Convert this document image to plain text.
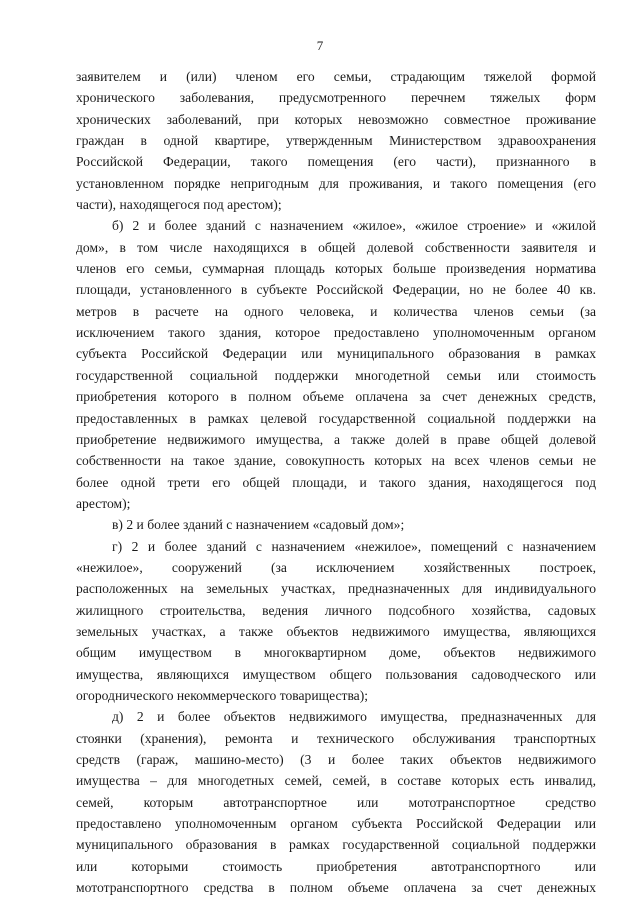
7
заявителем и (или) членом его семьи, страдающим тяжелой формой
хронического заболевания, предусмотренного перечнем тяжелых форм
хронических заболеваний, при которых невозможно совместное проживание
граждан в одной квартире, утвержденным Министерством здравоохранения
Российской Федерации, такого помещения (его части), признанного в
установленном порядке непригодным для проживания, и такого помещения (его
части), находящегося под арестом);
б) 2 и более зданий с назначением «жилое», «жилое строение» и «жилой
дом», в том числе находящихся в общей долевой собственности заявителя и
членов его семьи, суммарная площадь которых больше произведения норматива
площади, установленного в субъекте Российской Федерации, но не более 40 кв.
метров в расчете на одного человека, и количества членов семьи (за
исключением такого здания, которое предоставлено уполномоченным органом
субъекта Российской Федерации или муниципального образования в рамках
государственной социальной поддержки многодетной семьи или стоимость
приобретения которого в полном объеме оплачена за счет денежных средств,
предоставленных в рамках целевой государственной социальной поддержки на
приобретение недвижимого имущества, а также долей в праве общей долевой
собственности на такое здание, совокупность которых на всех членов семьи не
более одной трети его общей площади, и такого здания, находящегося под
арестом);
в) 2 и более зданий с назначением «садовый дом»;
г) 2 и более зданий с назначением «нежилое», помещений с назначением
«нежилое», сооружений (за исключением хозяйственных построек,
расположенных на земельных участках, предназначенных для индивидуального
жилищного строительства, ведения личного подсобного хозяйства, садовых
земельных участках, а также объектов недвижимого имущества, являющихся
общим имуществом в многоквартирном доме, объектов недвижимого
имущества, являющихся имуществом общего пользования садоводческого или
огороднического некоммерческого товарищества);
д) 2 и более объектов недвижимого имущества, предназначенных для
стоянки (хранения), ремонта и технического обслуживания транспортных
средств (гараж, машино-место) (3 и более таких объектов недвижимого
имущества – для многодетных семей, семей, в составе которых есть инвалид,
семей, которым автотранспортное или мототранспортное средство
предоставлено уполномоченным органом субъекта Российской Федерации или
муниципального образования в рамках государственной социальной поддержки
или которыми стоимость приобретения автотранспортного или
мототранспортного средства в полном объеме оплачена за счет денежных
